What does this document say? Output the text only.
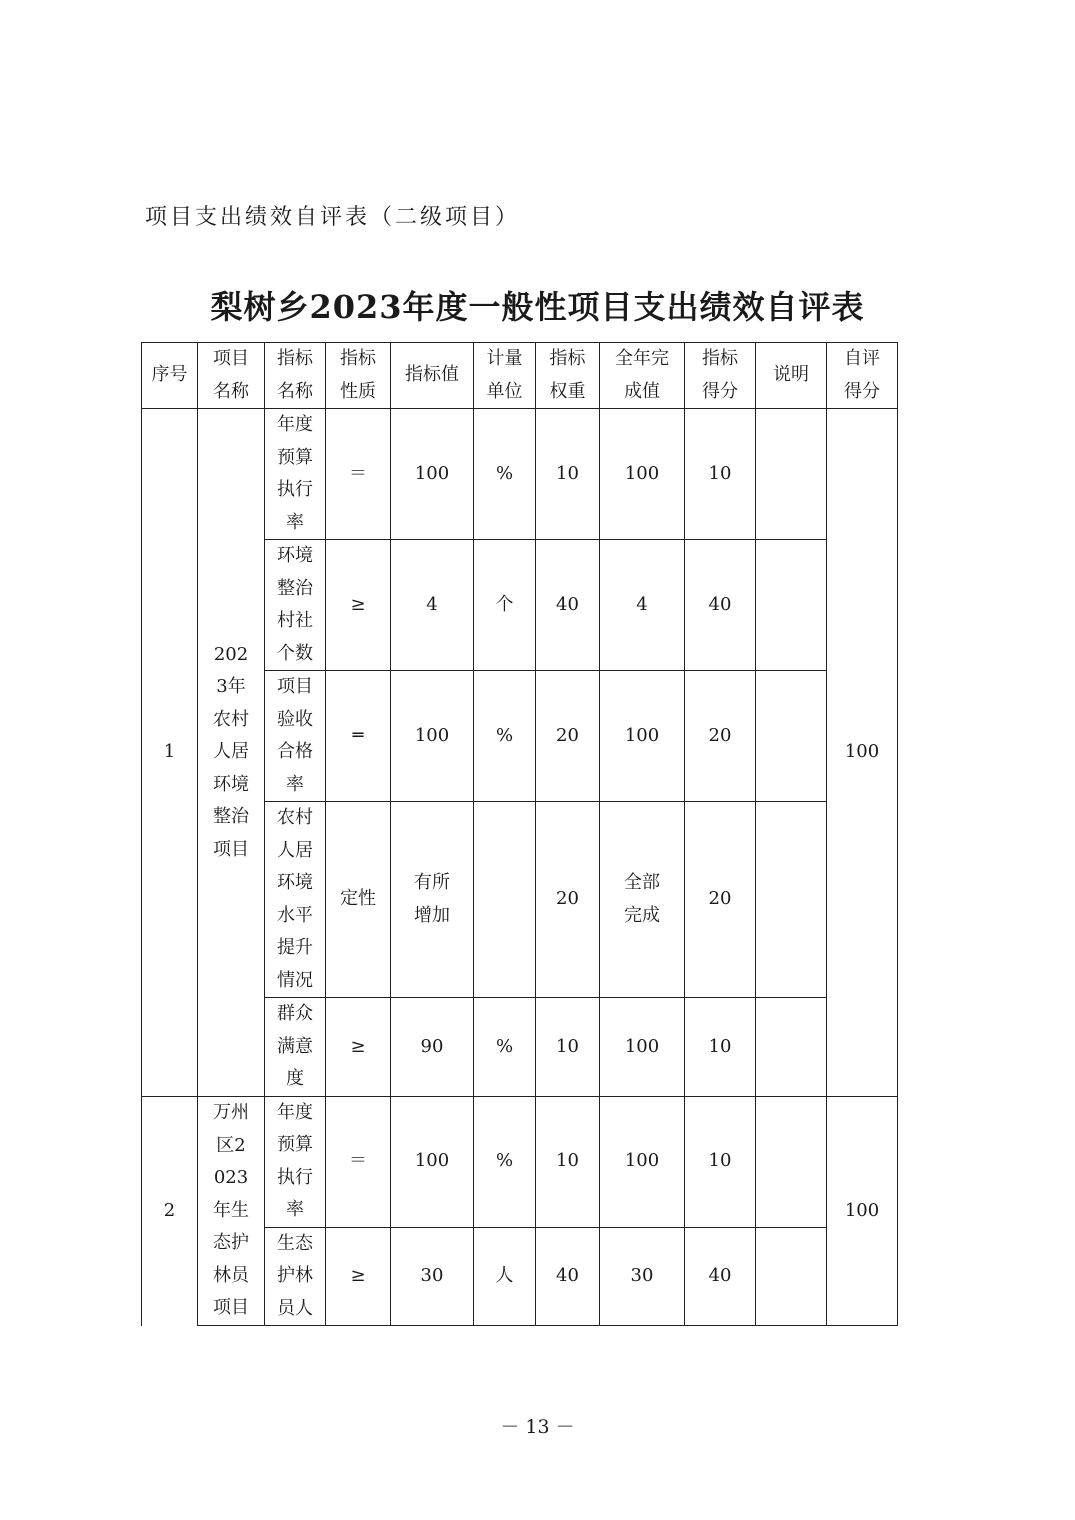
项目支出绩效自评表（二级项目）
梨树乡2023年度一般性项目支出绩效自评表
序号	项目名称	指标名称	指标性质	指标值	计量单位	指标权重	全年完成值	指标得分	说明	自评得分

1	2023年农村人居环境整治项目	年度预算执行率	＝	100	%	10	100	10		100

		环境整治村社个数	≥	4	个	40	4	40		

		项目验收合格率	═	100	%	20	100	20		

		农村人居环境水平提升情况	定性	有所增加		20	全部完成	20		

		群众满意度	≥	90	%	10	100	10		
2	万州区2023年生态护林员项目	年度预算执行率	＝	100	%	10	100	10		100

		生态护林员人	≥	30	人	40	30	40		
－ 13 －
